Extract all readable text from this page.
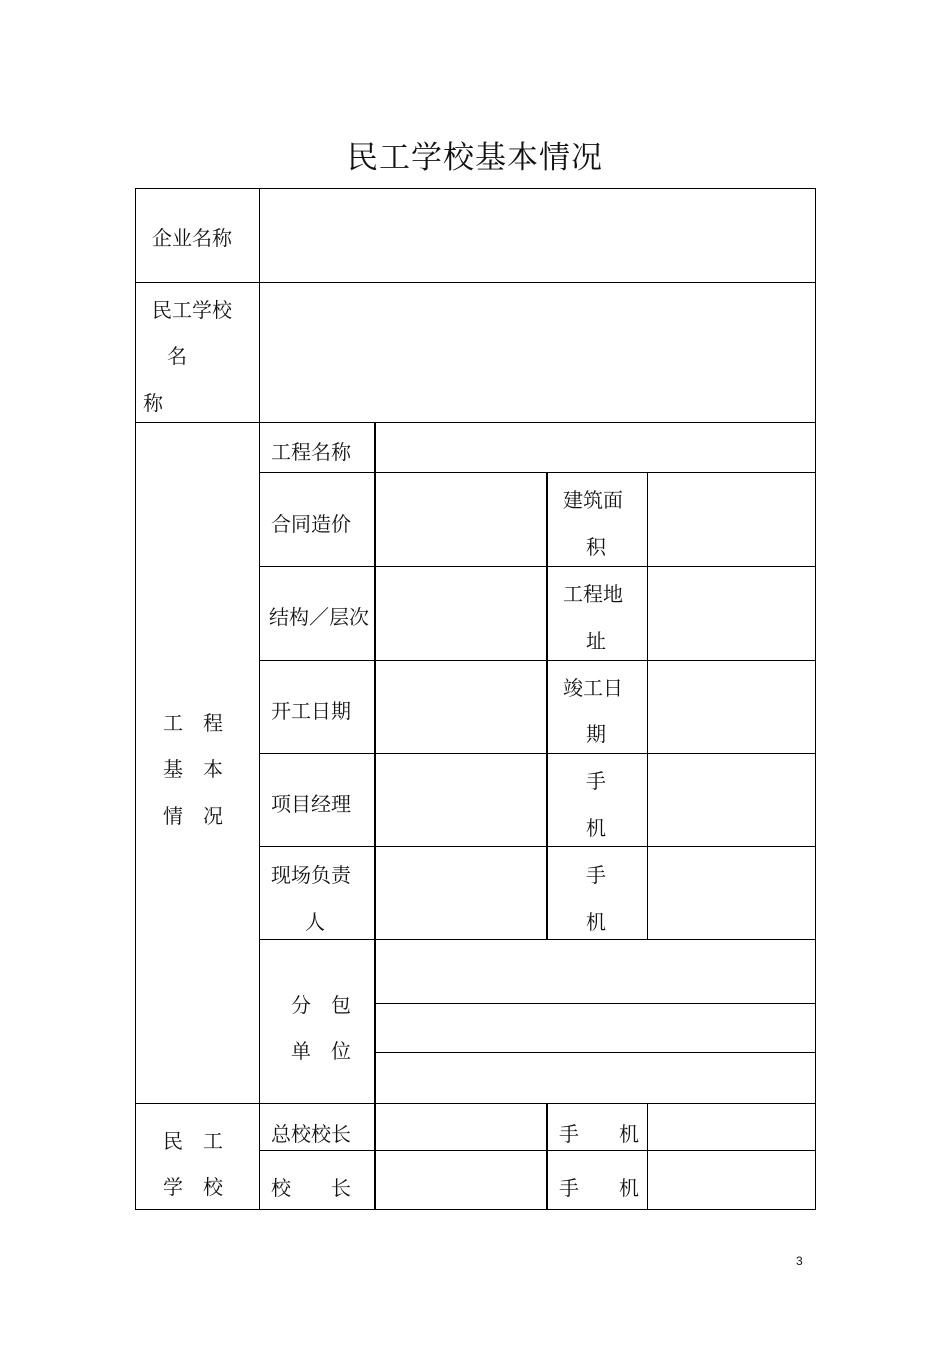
民工学校基本情况
企业名称
民工学校
名
称
工　程
基　本
情　况
工程名称
合同造价
建筑面
积
结构／层次
工程地
址
开工日期
竣工日
期
项目经理
手
机
现场负责
人
手
机
分　包
单　位
民　工
学　校
总校校长	手　　机
校　　长	手　　机
3
